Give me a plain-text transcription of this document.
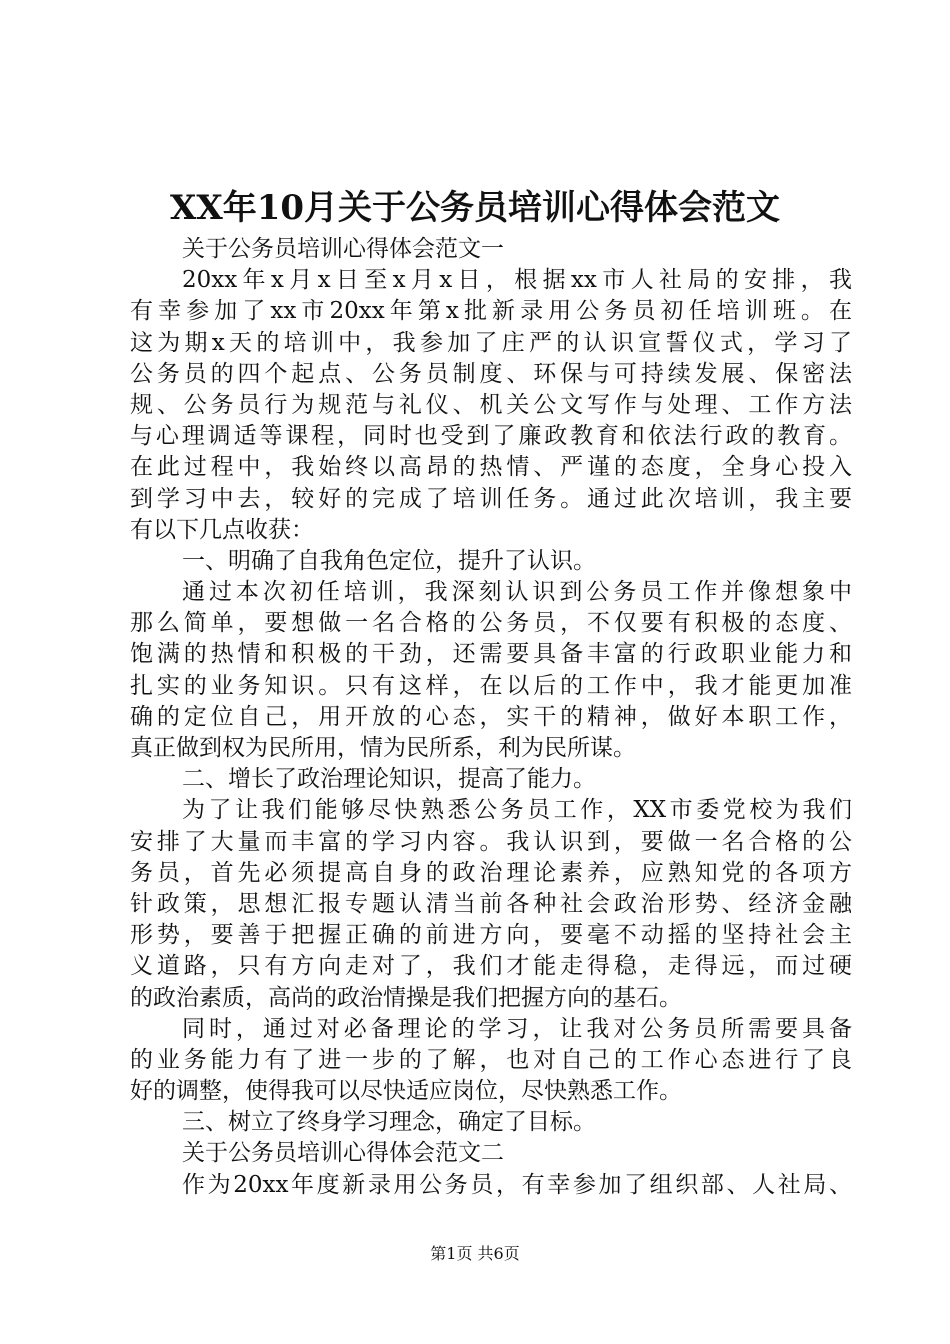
XX年10月关于公务员培训心得体会范文
关于公务员培训心得体会范文一
20xx年x月x日至x月x日，根据xx市人社局的安排，我
有幸参加了xx市20xx年第x批新录用公务员初任培训班。在
这为期x天的培训中，我参加了庄严的认识宣誓仪式，学习了
公务员的四个起点、公务员制度、环保与可持续发展、保密法
规、公务员行为规范与礼仪、机关公文写作与处理、工作方法
与心理调适等课程，同时也受到了廉政教育和依法行政的教育。
在此过程中，我始终以高昂的热情、严谨的态度，全身心投入
到学习中去，较好的完成了培训任务。通过此次培训，我主要
有以下几点收获：
一、明确了自我角色定位，提升了认识。
通过本次初任培训，我深刻认识到公务员工作并像想象中
那么简单，要想做一名合格的公务员，不仅要有积极的态度、
饱满的热情和积极的干劲，还需要具备丰富的行政职业能力和
扎实的业务知识。只有这样，在以后的工作中，我才能更加准
确的定位自己，用开放的心态，实干的精神，做好本职工作，
真正做到权为民所用，情为民所系，利为民所谋。
二、增长了政治理论知识，提高了能力。
为了让我们能够尽快熟悉公务员工作，XX市委党校为我们
安排了大量而丰富的学习内容。我认识到，要做一名合格的公
务员，首先必须提高自身的政治理论素养，应熟知党的各项方
针政策，思想汇报专题认清当前各种社会政治形势、经济金融
形势，要善于把握正确的前进方向，要毫不动摇的坚持社会主
义道路，只有方向走对了，我们才能走得稳，走得远，而过硬
的政治素质，高尚的政治情操是我们把握方向的基石。
同时，通过对必备理论的学习，让我对公务员所需要具备
的业务能力有了进一步的了解，也对自己的工作心态进行了良
好的调整，使得我可以尽快适应岗位，尽快熟悉工作。
三、树立了终身学习理念，确定了目标。
关于公务员培训心得体会范文二
作为20xx年度新录用公务员，有幸参加了组织部、人社局、
第1页 共6页
